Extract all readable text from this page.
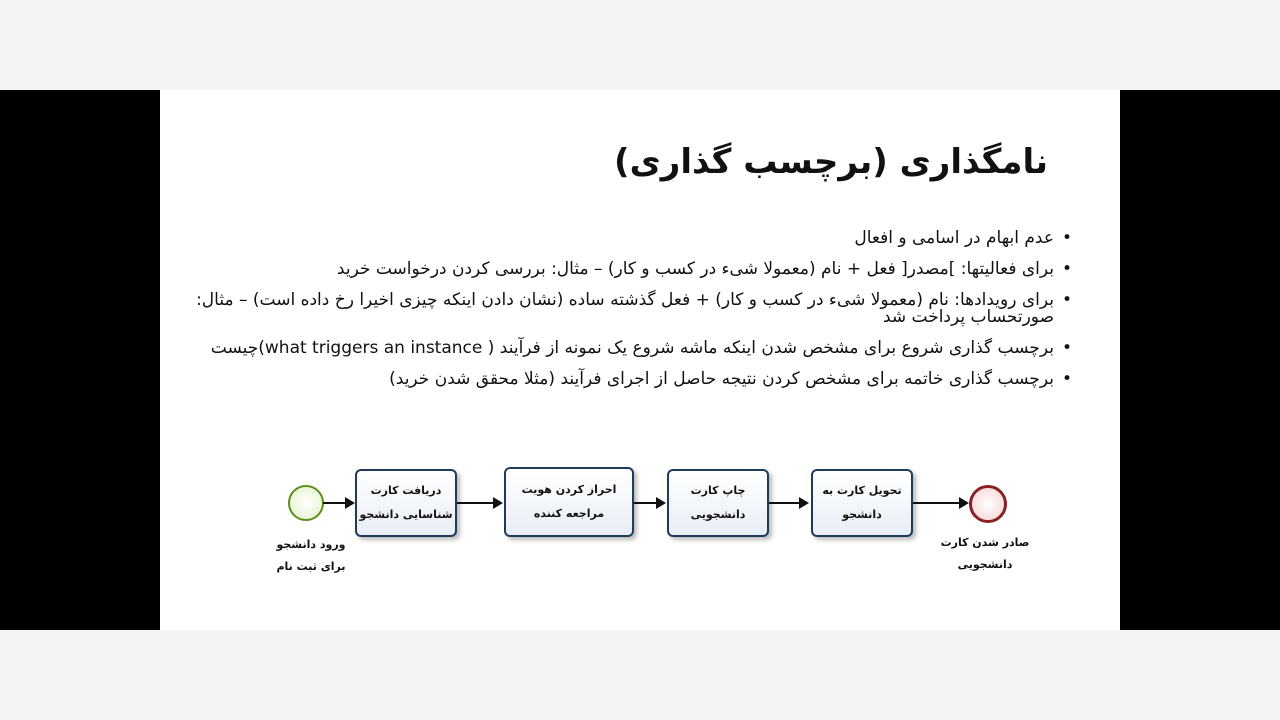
نامگذاری (برچسب گذاری)
• عدم ابهام در اسامی و افعال
• برای فعالیتها: ]مصدر[ فعل + نام (معمولا شیء در کسب و کار) – مثال: بررسی کردن درخواست خرید
• برای رویدادها: نام (معمولا شیء در کسب و کار) + فعل گذشته ساده (نشان دادن اینکه چیزی اخیرا رخ داده است) – مثال: صورتحساب پرداخت شد
• برچسب گذاری شروع برای مشخص شدن اینکه ماشه شروع یک نمونه از فرآیند ( what triggers an instance)چیست
• برچسب گذاری خاتمه برای مشخص کردن نتیجه حاصل از اجرای فرآیند (مثلا محقق شدن خرید)
ورود دانشجو
برای ثبت نام
دریافت کارت
شناسایی دانشجو
احراز کردن هویت
مراجعه کننده
چاپ کارت
دانشجویی
تحویل کارت به
دانشجو
صادر شدن کارت
دانشجویی
